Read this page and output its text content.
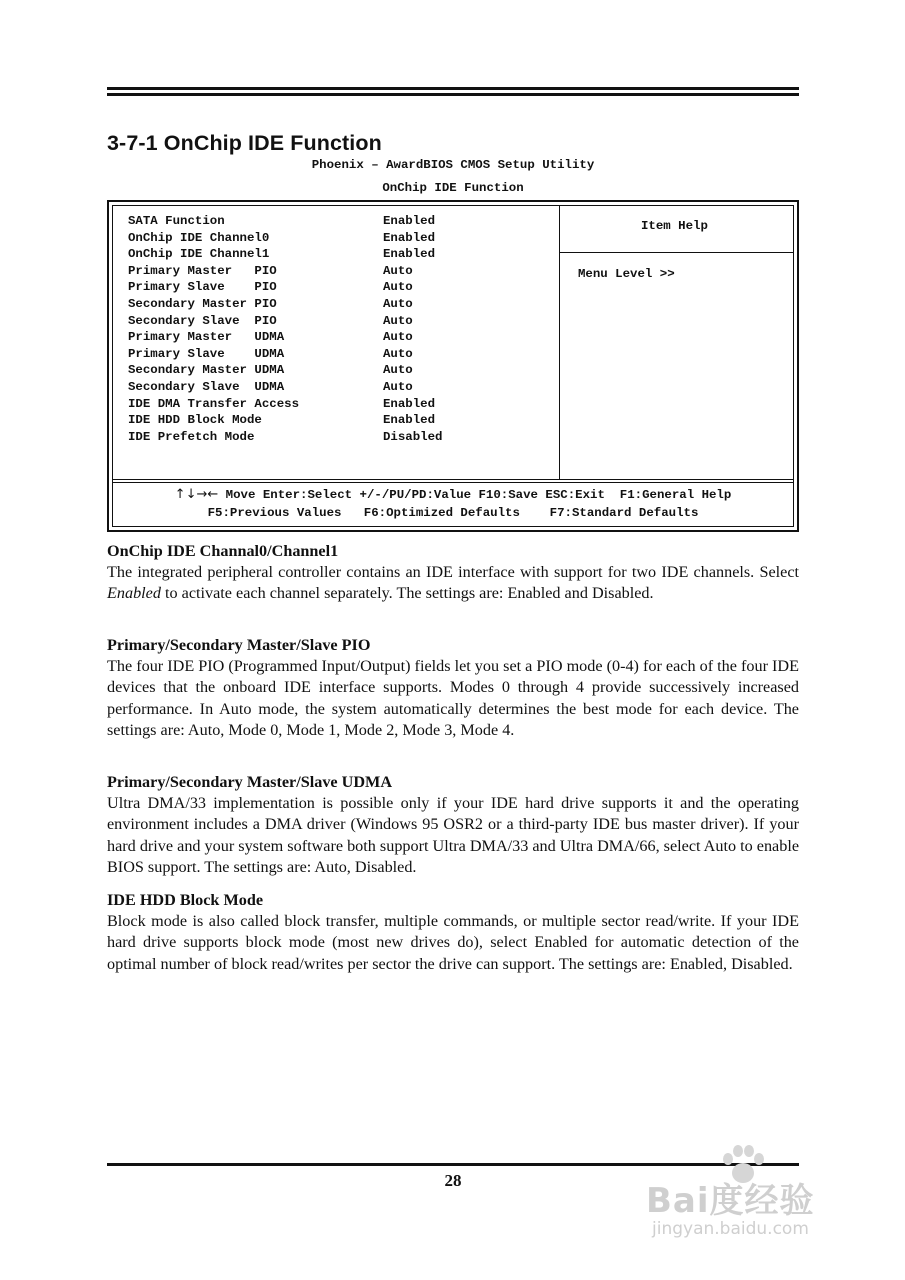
3-7-1 OnChip IDE Function
Phoenix – AwardBIOS CMOS Setup Utility
OnChip IDE Function
SATA Function	Enabled
OnChip IDE Channel0	Enabled
OnChip IDE Channel1	Enabled
Primary Master   PIO	Auto
Primary Slave    PIO	Auto
Secondary Master PIO	Auto
Secondary Slave  PIO	Auto
Primary Master   UDMA	Auto
Primary Slave    UDMA	Auto
Secondary Master UDMA	Auto
Secondary Slave  UDMA	Auto
IDE DMA Transfer Access	Enabled
IDE HDD Block Mode	Enabled
IDE Prefetch Mode	Disabled
Item Help
Menu Level >>
↑↓→← Move Enter:Select +/-/PU/PD:Value F10:Save ESC:Exit  F1:General Help
F5:Previous Values   F6:Optimized Defaults    F7:Standard Defaults
OnChip IDE Channal0/Channel1
The integrated peripheral controller contains an IDE interface with support for two IDE channels. Select Enabled to activate each channel separately. The settings are: Enabled and Disabled.
Primary/Secondary Master/Slave PIO
The four IDE PIO (Programmed Input/Output) fields let you set a PIO mode (0-4) for each of the four IDE devices that the onboard IDE interface supports. Modes 0 through 4 provide successively increased performance. In Auto mode, the system automatically determines the best mode for each device. The settings are: Auto, Mode 0, Mode 1, Mode 2, Mode 3, Mode 4.
Primary/Secondary Master/Slave UDMA
Ultra DMA/33 implementation is possible only if your IDE hard drive supports it and the operating environment includes a DMA driver (Windows 95 OSR2 or a third-party IDE bus master driver). If your hard drive and your system software both support Ultra DMA/33 and Ultra DMA/66, select Auto to enable BIOS support. The settings are: Auto, Disabled.
IDE HDD Block Mode
Block mode is also called block transfer, multiple commands, or multiple sector read/write. If your IDE hard drive supports block mode (most new drives do), select Enabled for automatic detection of the optimal number of block read/writes per sector the drive can support. The settings are: Enabled, Disabled.
28
Bai度经验
jingyan.baidu.com
